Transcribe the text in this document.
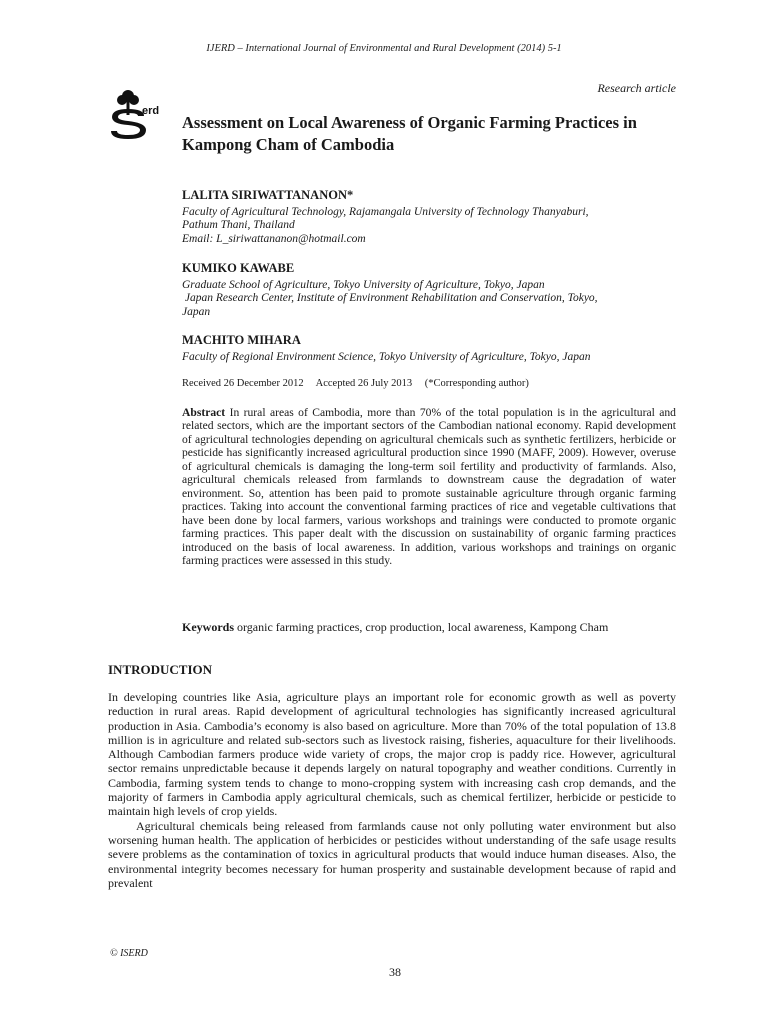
IJERD – International Journal of Environmental and Rural Development (2014) 5-1
Research article
erd
Assessment on Local Awareness of Organic Farming Practices in Kampong Cham of Cambodia
LALITA SIRIWATTANANON*
Faculty of Agricultural Technology, Rajamangala University of Technology Thanyaburi,
Pathum Thani, Thailand
Email: L_siriwattananon@hotmail.com
KUMIKO KAWABE
Graduate School of Agriculture, Tokyo University of Agriculture, Tokyo, Japan
Japan Research Center, Institute of Environment Rehabilitation and Conservation, Tokyo,
Japan
MACHITO MIHARA
Faculty of Regional Environment Science, Tokyo University of Agriculture, Tokyo, Japan
Received 26 December 2012 Accepted 26 July 2013 (*Corresponding author)

Abstract In rural areas of Cambodia, more than 70% of the total population is in the agricultural and related sectors, which are the important sectors of the Cambodian national economy. Rapid development of agricultural technologies depending on agricultural chemicals such as synthetic fertilizers, herbicide or pesticide has significantly increased agricultural production since 1990 (MAFF, 2009). However, overuse of agricultural chemicals is damaging the long-term soil fertility and productivity of farmlands. Also, agricultural chemicals released from farmlands to downstream cause the degradation of water environment. So, attention has been paid to promote sustainable agriculture through organic farming practices. Taking into account the conventional farming practices of rice and vegetable cultivations that have been done by local farmers, various workshops and trainings were conducted to promote organic farming practices. This paper dealt with the discussion on sustainability of organic farming practices introduced on the basis of local awareness. In addition, various workshops and trainings on organic farming practices were assessed in this study.

Keywords organic farming practices, crop production, local awareness, Kampong Cham
INTRODUCTION

In developing countries like Asia, agriculture plays an important role for economic growth as well as poverty reduction in rural areas. Rapid development of agricultural technologies has significantly increased agricultural production in Asia. Cambodia’s economy is also based on agriculture. More than 70% of the total population of 13.8 million is in agriculture and related sub-sectors such as livestock raising, fisheries, aquaculture for their livelihoods. Although Cambodian farmers produce wide variety of crops, the major crop is paddy rice. However, agricultural sector remains unpredictable because it depends largely on natural topography and weather conditions. Currently in Cambodia, farming system tends to change to mono-cropping system with increasing cash crop demands, and the majority of farmers in Cambodia apply agricultural chemicals, such as chemical fertilizer, herbicide or pesticide to maintain high levels of crop yields.

Agricultural chemicals being released from farmlands cause not only polluting water environment but also worsening human health. The application of herbicides or pesticides without understanding of the safe usage results severe problems as the contamination of toxics in agricultural products that would induce human diseases. Also, the environmental integrity becomes necessary for human prosperity and sustainable development because of rapid and prevalent

© ISERD
38
